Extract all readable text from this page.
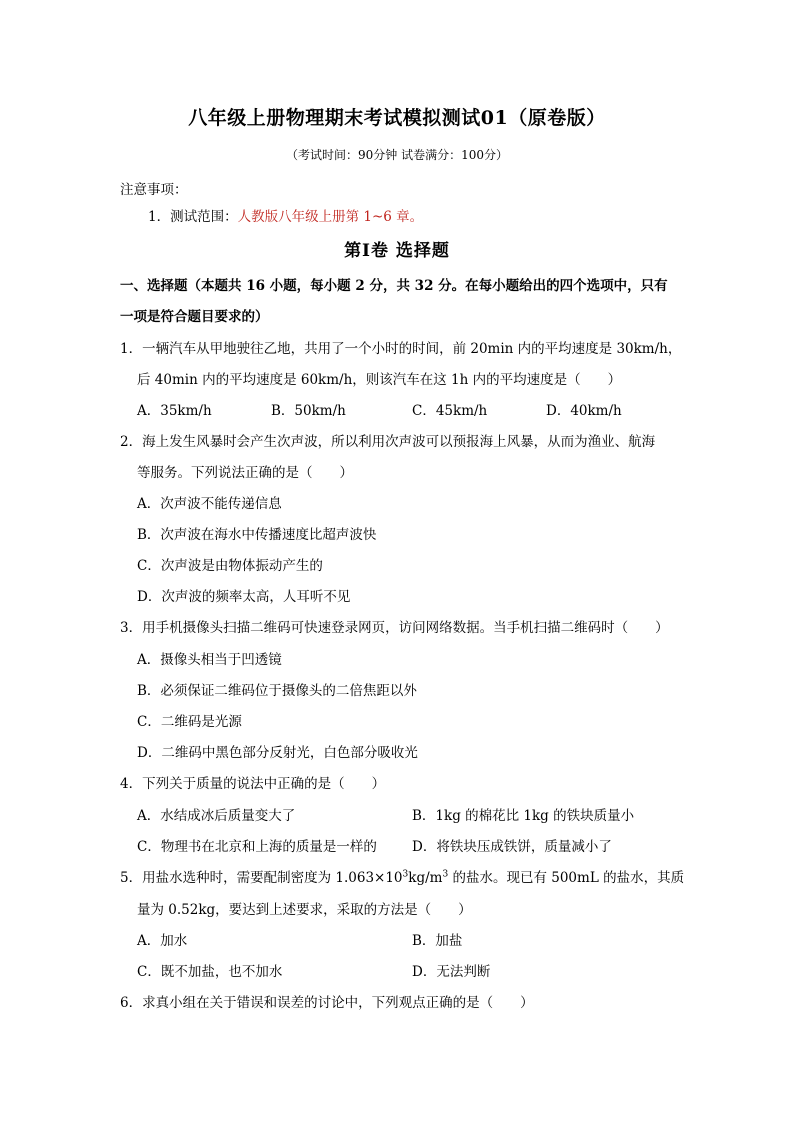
八年级上册物理期末考试模拟测试01（原卷版）
（考试时间：90分钟 试卷满分：100分）
注意事项：
1．测试范围：人教版八年级上册第 1~6 章。
第Ⅰ卷 选择题
一、选择题（本题共 16 小题，每小题 2 分，共 32 分。在每小题给出的四个选项中，只有
一项是符合题目要求的）
1．一辆汽车从甲地驶往乙地，共用了一个小时的时间，前 20min 内的平均速度是 30km/h，
后 40min 内的平均速度是 60km/h，则该汽车在这 1h 内的平均速度是（　　）
A．35km/h	B．50km/h	C．45km/h	D．40km/h
2．海上发生风暴时会产生次声波，所以利用次声波可以预报海上风暴，从而为渔业、航海
等服务。下列说法正确的是（　　）
A．次声波不能传递信息
B．次声波在海水中传播速度比超声波快
C．次声波是由物体振动产生的
D．次声波的频率太高，人耳听不见
3．用手机摄像头扫描二维码可快速登录网页，访问网络数据。当手机扫描二维码时（　　）
A．摄像头相当于凹透镜
B．必须保证二维码位于摄像头的二倍焦距以外
C．二维码是光源
D．二维码中黑色部分反射光，白色部分吸收光
4．下列关于质量的说法中正确的是（　　）
A．水结成冰后质量变大了	B．1kg 的棉花比 1kg 的铁块质量小
C．物理书在北京和上海的质量是一样的	D．将铁块压成铁饼，质量减小了
5．用盐水选种时，需要配制密度为 $1.063\times 10^3kg/m^3$ 的盐水。现已有 500mL 的盐水，其质
量为 0.52kg，要达到上述要求，采取的方法是（　　）
A．加水	B．加盐
C．既不加盐，也不加水	D．无法判断
6．求真小组在关于错误和误差的讨论中，下列观点正确的是（　　）
